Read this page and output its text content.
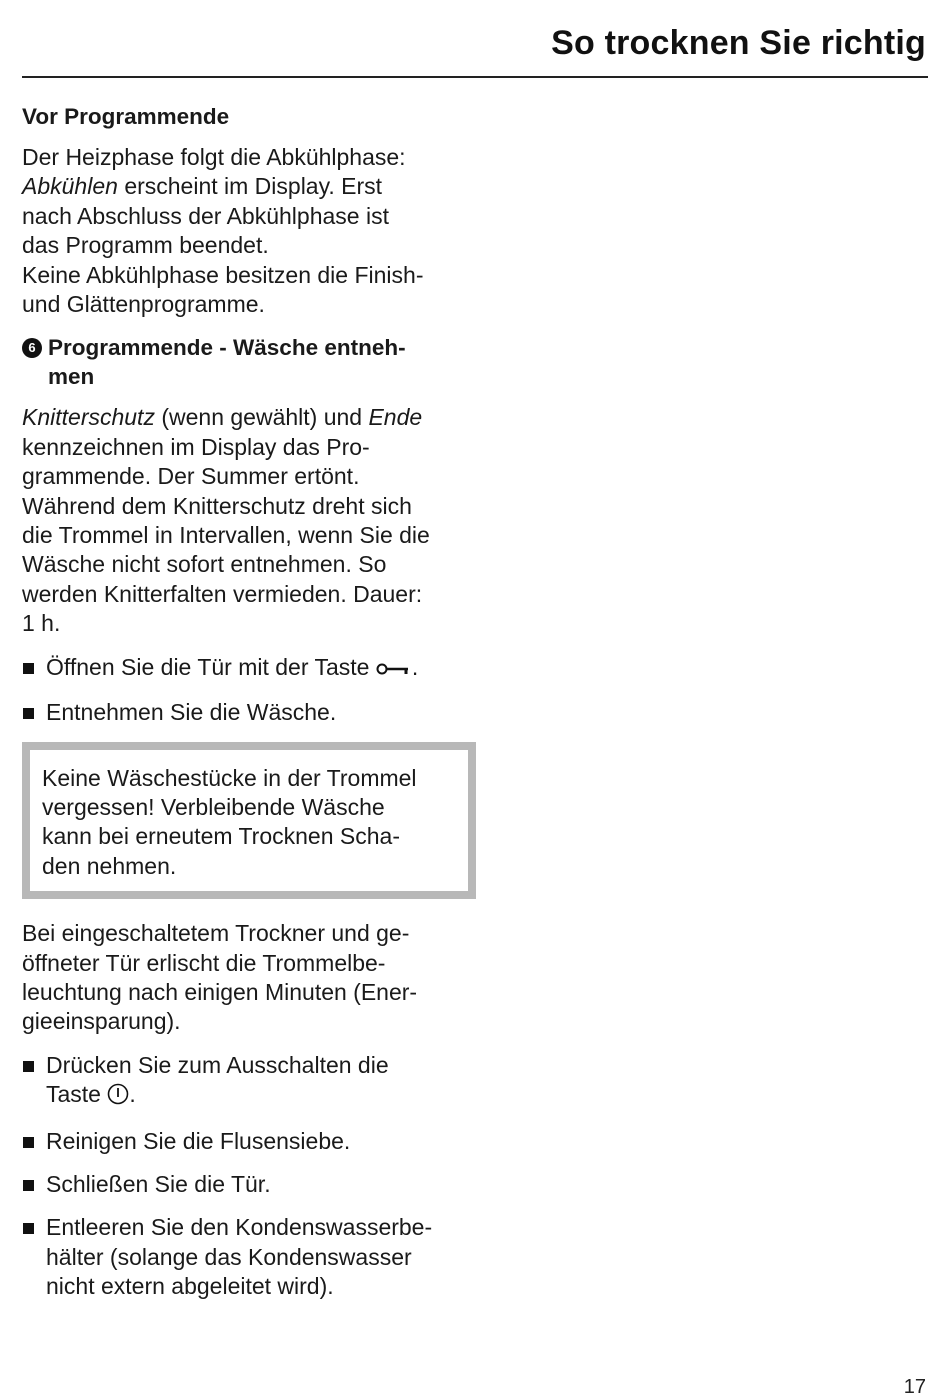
So trocknen Sie richtig
Vor Programmende

Der Heizphase folgt die Abkühlphase:
Abkühlen erscheint im Display. Erst
nach Abschluss der Abkühlphase ist
das Programm beendet.
Keine Abkühlphase besitzen die Finish-
und Glättenprogramme.

6 Programmende - Wäsche entneh-
men

Knitterschutz (wenn gewählt) und Ende
kennzeichnen im Display das Pro-
grammende. Der Summer ertönt.
Während dem Knitterschutz dreht sich
die Trommel in Intervallen, wenn Sie die
Wäsche nicht sofort entnehmen. So
werden Knitterfalten vermieden. Dauer:
1 h.

Öffnen Sie die Tür mit der Taste .
Entnehmen Sie die Wäsche.
Keine Wäschestücke in der Trommel
vergessen! Verbleibende Wäsche
kann bei erneutem Trocknen Scha-
den nehmen.

Bei eingeschaltetem Trockner und ge-
öffneter Tür erlischt die Trommelbe-
leuchtung nach einigen Minuten (Ener-
gieeinsparung).

Drücken Sie zum Ausschalten die
Taste .
Reinigen Sie die Flusensiebe.
Schließen Sie die Tür.
Entleeren Sie den Kondenswasserbe-
hälter (solange das Kondenswasser
nicht extern abgeleitet wird).
17
